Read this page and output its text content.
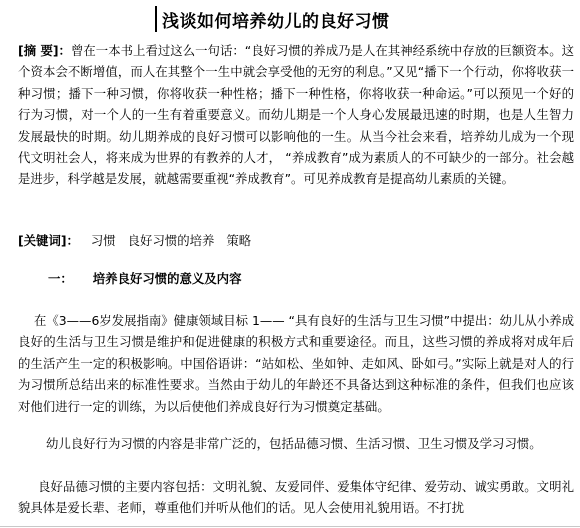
浅谈如何培养幼儿的良好习惯

[摘 要]：曾在一本书上看过这么一句话：“良好习惯的养成乃是人在其神经系统中存放的巨额资本。这个资本会不断增值，而人在其整个一生中就会享受他的无穷的利息。”又见“播下一个行动，你将收获一种习惯；播下一种习惯，你将收获一种性格；播下一种性格，你将收获一种命运。”可以预见一个好的行为习惯，对一个人的一生有着重要意义。而幼儿期是一个人身心发展最迅速的时期，也是人生智力发展最快的时期。幼儿期养成的良好习惯可以影响他的一生。从当今社会来看，培养幼儿成为一个现代文明社会人，将来成为世界的有教养的人才， “养成教育”成为素质人的不可缺少的一部分。社会越是进步，科学越是发展，就越需要重视“养成教育”。可见养成教育是提高幼儿素质的关键。

[关键词]： 习惯 良好习惯的培养 策略

一： 培养良好习惯的意义及内容

在《3——6岁发展指南》健康领域目标 1—— “具有良好的生活与卫生习惯”中提出：幼儿从小养成良好的生活与卫生习惯是维护和促进健康的积极方式和重要途径。而且，这些习惯的养成将对成年后的生活产生一定的积极影响。中国俗语讲：“站如松、坐如钟、走如风、卧如弓。”实际上就是对人的行为习惯所总结出来的标准性要求。当然由于幼儿的年龄还不具备达到这种标准的条件，但我们也应该对他们进行一定的训练，为以后使他们养成良好行为习惯奠定基础。

幼儿良好行为习惯的内容是非常广泛的，包括品德习惯、生活习惯、卫生习惯及学习习惯。

良好品德习惯的主要内容包括：文明礼貌、友爱同伴、爱集体守纪律、爱劳动、诚实勇敢。文明礼貌具体是爱长辈、老师，尊重他们并听从他们的话。见人会使用礼貌用语。不打扰
